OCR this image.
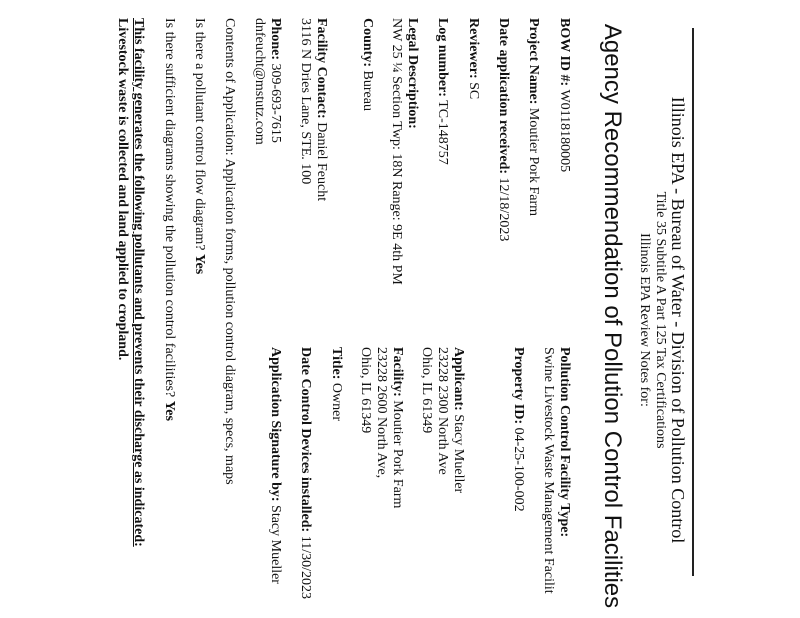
Illinois EPA - Bureau of Water - Division of Pollution Control
Title 35 Subtitle A Part 125 Tax Certifications
Illinois EPA Review Notes for:
Agency Recommendation of Pollution Control Facilities
BOW ID #: W0118180005
Project Name: Moutier Pork Farm
Date application received: 12/18/2023
Reviewer: SC
Log number: TC-148757
Legal Description:
NW 25 ¼ Section Twp: 18N Range: 9E 4th PM
County: Bureau
Facility Contact: Daniel Feucht
3116 N Dries Lane, STE. 100
Phone: 309-693-7615
dnfeucht@mstutz.com
Pollution Control Facility Type:
Swine Livestock Waste Management Facilit
Property ID: 04-25-100-002
Applicant: Stacy Mueller
23228 2300 North Ave
Ohio, IL 61349
Facility: Moutier Pork Farm
23228 2600 North Ave,
Ohio, IL 61349
Title: Owner
Date Control Devices installed: 11/30/2023
Application Signature by: Stacy Mueller
Contents of Application: Application forms, pollution control diagram, specs, maps
Is there a pollutant control flow diagram? Yes
Is there sufficient diagrams showing the pollution control facilities? Yes
This facility generates the following pollutants and prevents their discharge as indicated:
Livestock waste is collected and land applied to cropland.
